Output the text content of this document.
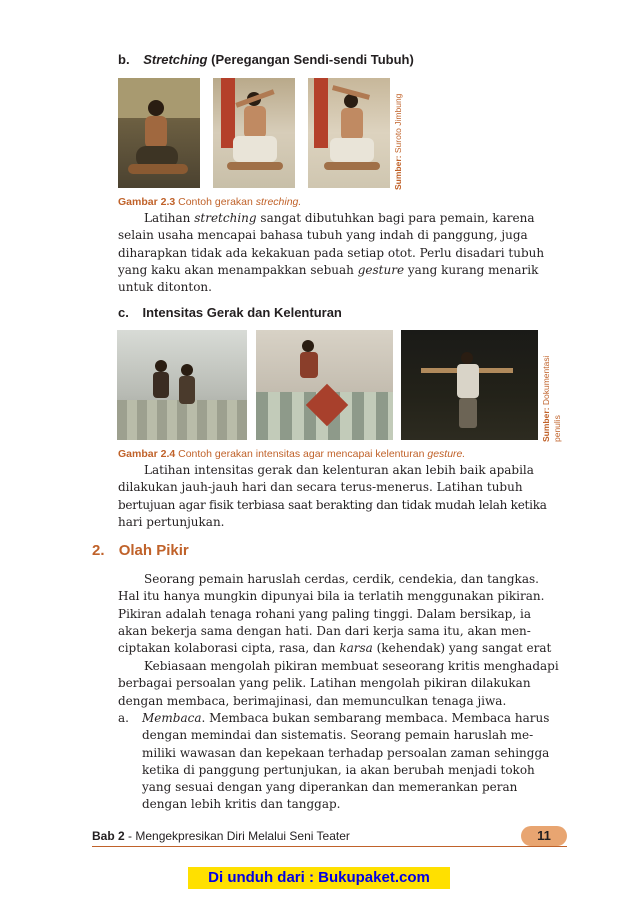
b. Stretching (Peregangan Sendi-sendi Tubuh)
Sumber: Suroto Jimbung
Gambar 2.3 Contoh gerakan streching.
Latihan stretching sangat dibutuhkan bagi para pemain, karena
selain usaha mencapai bahasa tubuh yang indah di panggung, juga
diharapkan tidak ada kekakuan pada setiap otot. Perlu disadari tubuh
yang kaku akan menampakkan sebuah gesture yang kurang menarik
untuk ditonton.
c. Intensitas Gerak dan Kelenturan
Sumber: Dokumentasi
penulis
Gambar 2.4 Contoh gerakan intensitas agar mencapai kelenturan gesture.
Latihan intensitas gerak dan kelenturan akan lebih baik apabila
dilakukan jauh-jauh hari dan secara terus-menerus. Latihan tubuh
bertujuan agar fisik terbiasa saat berakting dan tidak mudah lelah ketika
hari pertunjukan.
2. Olah Pikir
Seorang pemain haruslah cerdas, cerdik, cendekia, dan tangkas.
Hal itu hanya mungkin dipunyai bila ia terlatih menggunakan pikiran.
Pikiran adalah tenaga rohani yang paling tinggi. Dalam bersikap, ia
akan bekerja sama dengan hati. Dan dari kerja sama itu, akan men-
ciptakan kolaborasi cipta, rasa, dan karsa (kehendak) yang sangat erat
Kebiasaan mengolah pikiran membuat seseorang kritis menghadapi
berbagai persoalan yang pelik. Latihan mengolah pikiran dilakukan
dengan membaca, berimajinasi, dan memunculkan tenaga jiwa.
a.	Membaca. Membaca bukan sembarang membaca. Membaca harus
dengan memindai dan sistematis. Seorang pemain haruslah me-
miliki wawasan dan kepekaan terhadap persoalan zaman sehingga
ketika di panggung pertunjukan, ia akan berubah menjadi tokoh
yang sesuai dengan yang diperankan dan memerankan peran
dengan lebih kritis dan tanggap.
Bab 2 - Mengekpresikan Diri Melalui Seni Teater	11
Di unduh dari : Bukupaket.com
